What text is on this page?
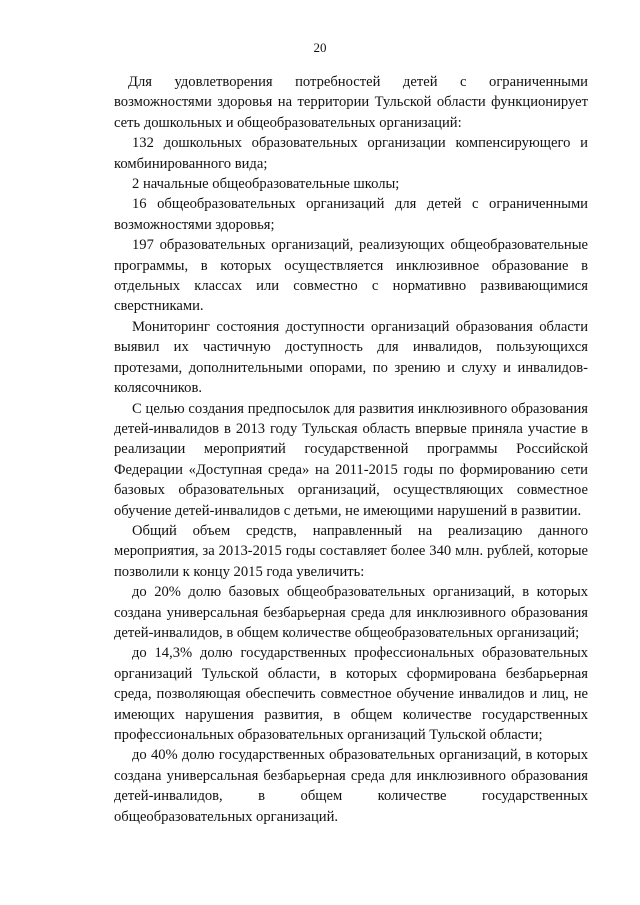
20

Для удовлетворения потребностей детей с ограниченными возможностями здоровья на территории Тульской области функционирует сеть дошкольных и общеобразовательных организаций:

132 дошкольных образовательных организации компенсирующего и комбинированного вида;

2 начальные общеобразовательные школы;

16 общеобразовательных организаций для детей с ограниченными возможностями здоровья;

197 образовательных организаций, реализующих общеобразовательные программы, в которых осуществляется инклюзивное образование в отдельных классах или совместно с нормативно развивающимися сверстниками.

Мониторинг состояния доступности организаций образования области выявил их частичную доступность для инвалидов, пользующихся протезами, дополнительными опорами, по зрению и слуху и инвалидов-колясочников.

С целью создания предпосылок для развития инклюзивного образования детей-инвалидов в 2013 году Тульская область впервые приняла участие в реализации мероприятий государственной программы Российской Федерации «Доступная среда» на 2011-2015 годы по формированию сети базовых образовательных организаций, осуществляющих совместное обучение детей-инвалидов с детьми, не имеющими нарушений в развитии.

Общий объем средств, направленный на реализацию данного мероприятия, за 2013-2015 годы составляет более 340 млн. рублей, которые позволили к концу 2015 года увеличить:

до 20% долю базовых общеобразовательных организаций, в которых создана универсальная безбарьерная среда для инклюзивного образования детей-инвалидов, в общем количестве общеобразовательных организаций;

до 14,3% долю государственных профессиональных образовательных организаций Тульской области, в которых сформирована безбарьерная среда, позволяющая обеспечить совместное обучение инвалидов и лиц, не имеющих нарушения развития, в общем количестве государственных профессиональных образовательных организаций Тульской области;

до 40% долю государственных образовательных организаций, в которых создана универсальная безбарьерная среда для инклюзивного образования детей-инвалидов, в общем количестве государственных общеобразовательных организаций.
